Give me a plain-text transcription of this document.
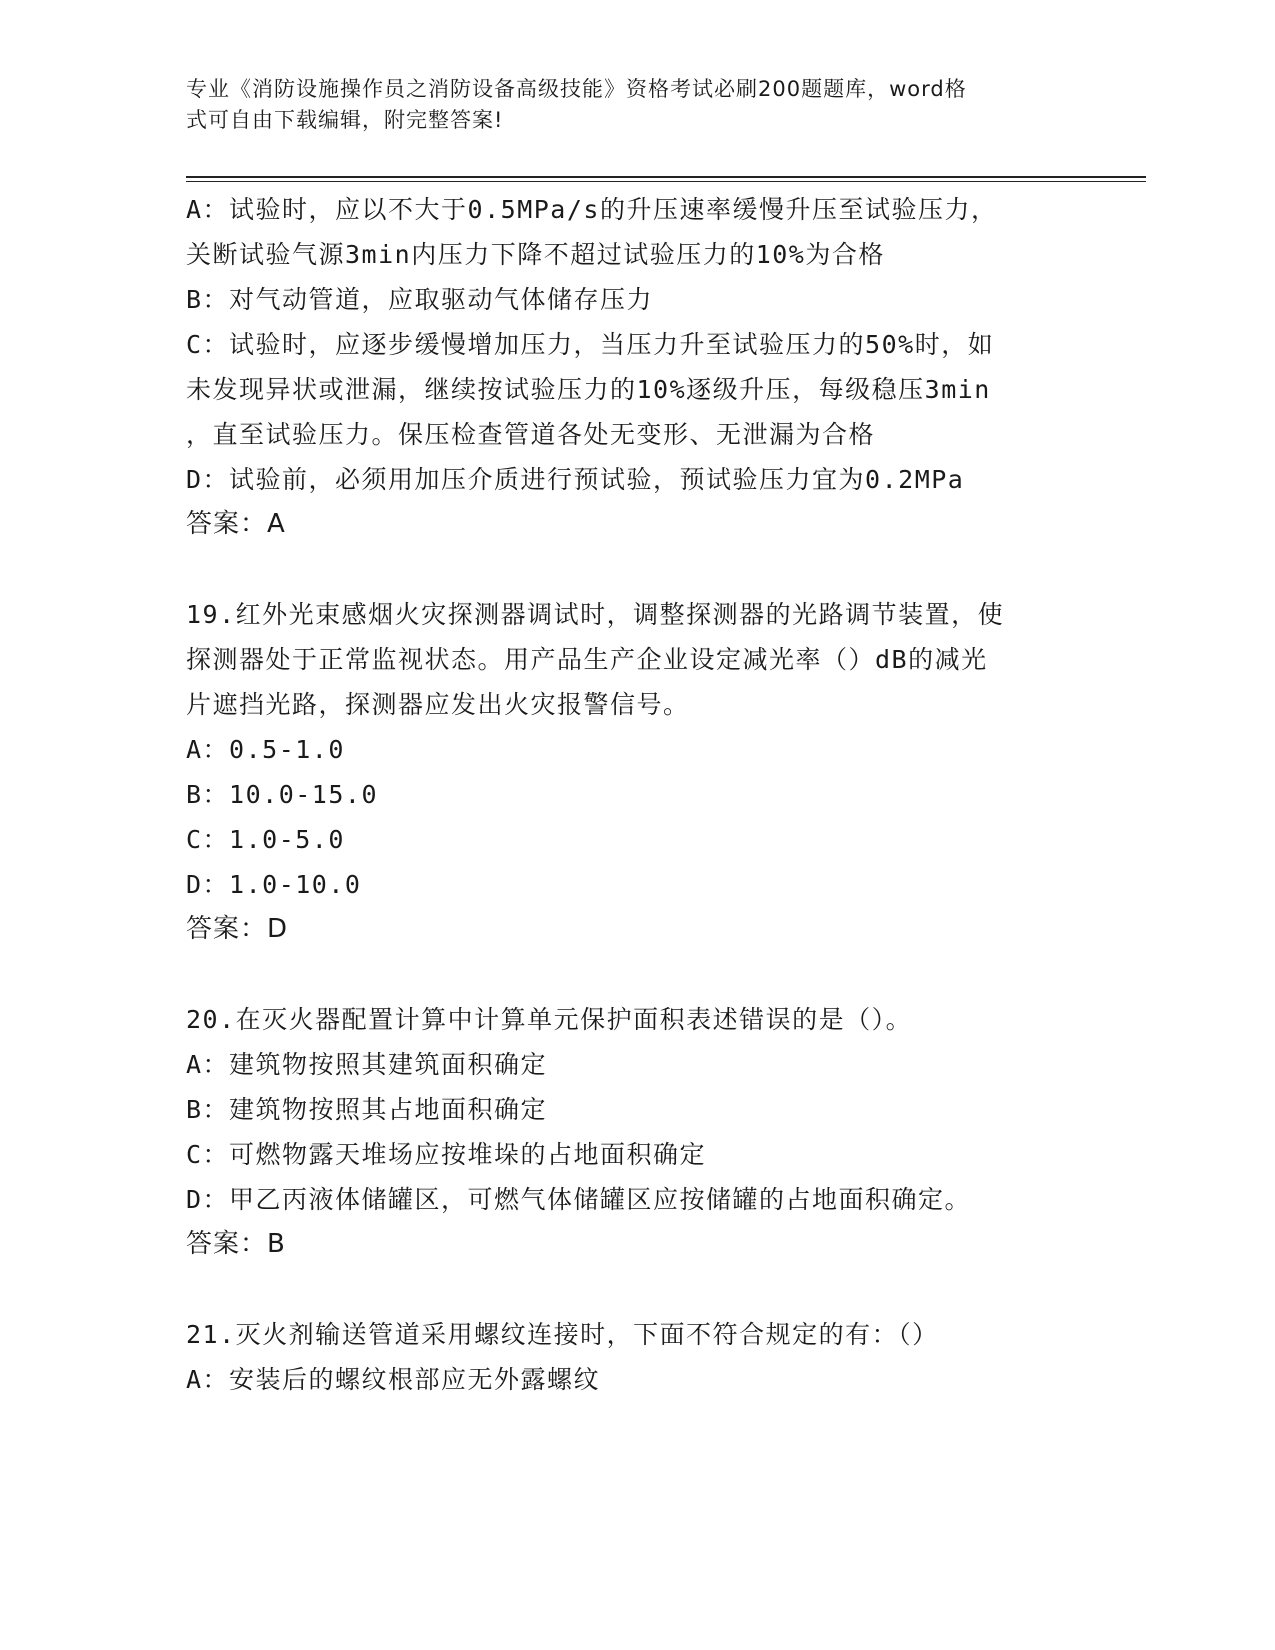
专业《消防设施操作员之消防设备高级技能》资格考试必刷200题题库，word格
式可自由下载编辑，附完整答案!
A：试验时，应以不大于0.5MPa/s的升压速率缓慢升压至试验压力，
关断试验气源3min内压力下降不超过试验压力的10%为合格
B：对气动管道，应取驱动气体储存压力
C：试验时，应逐步缓慢增加压力，当压力升至试验压力的50%时，如
未发现异状或泄漏，继续按试验压力的10%逐级升压，每级稳压3min
，直至试验压力。保压检查管道各处无变形、无泄漏为合格
D：试验前，必须用加压介质进行预试验，预试验压力宜为0.2MPa
答案：A
19.红外光束感烟火灾探测器调试时，调整探测器的光路调节装置，使
探测器处于正常监视状态。用产品生产企业设定减光率（）dB的减光
片遮挡光路，探测器应发出火灾报警信号。
A：0.5-1.0
B：10.0-15.0
C：1.0-5.0
D：1.0-10.0
答案：D
20.在灭火器配置计算中计算单元保护面积表述错误的是（）。
A：建筑物按照其建筑面积确定
B：建筑物按照其占地面积确定
C：可燃物露天堆场应按堆垛的占地面积确定
D：甲乙丙液体储罐区，可燃气体储罐区应按储罐的占地面积确定。
答案：B
21.灭火剂输送管道采用螺纹连接时，下面不符合规定的有：（）
A：安装后的螺纹根部应无外露螺纹
